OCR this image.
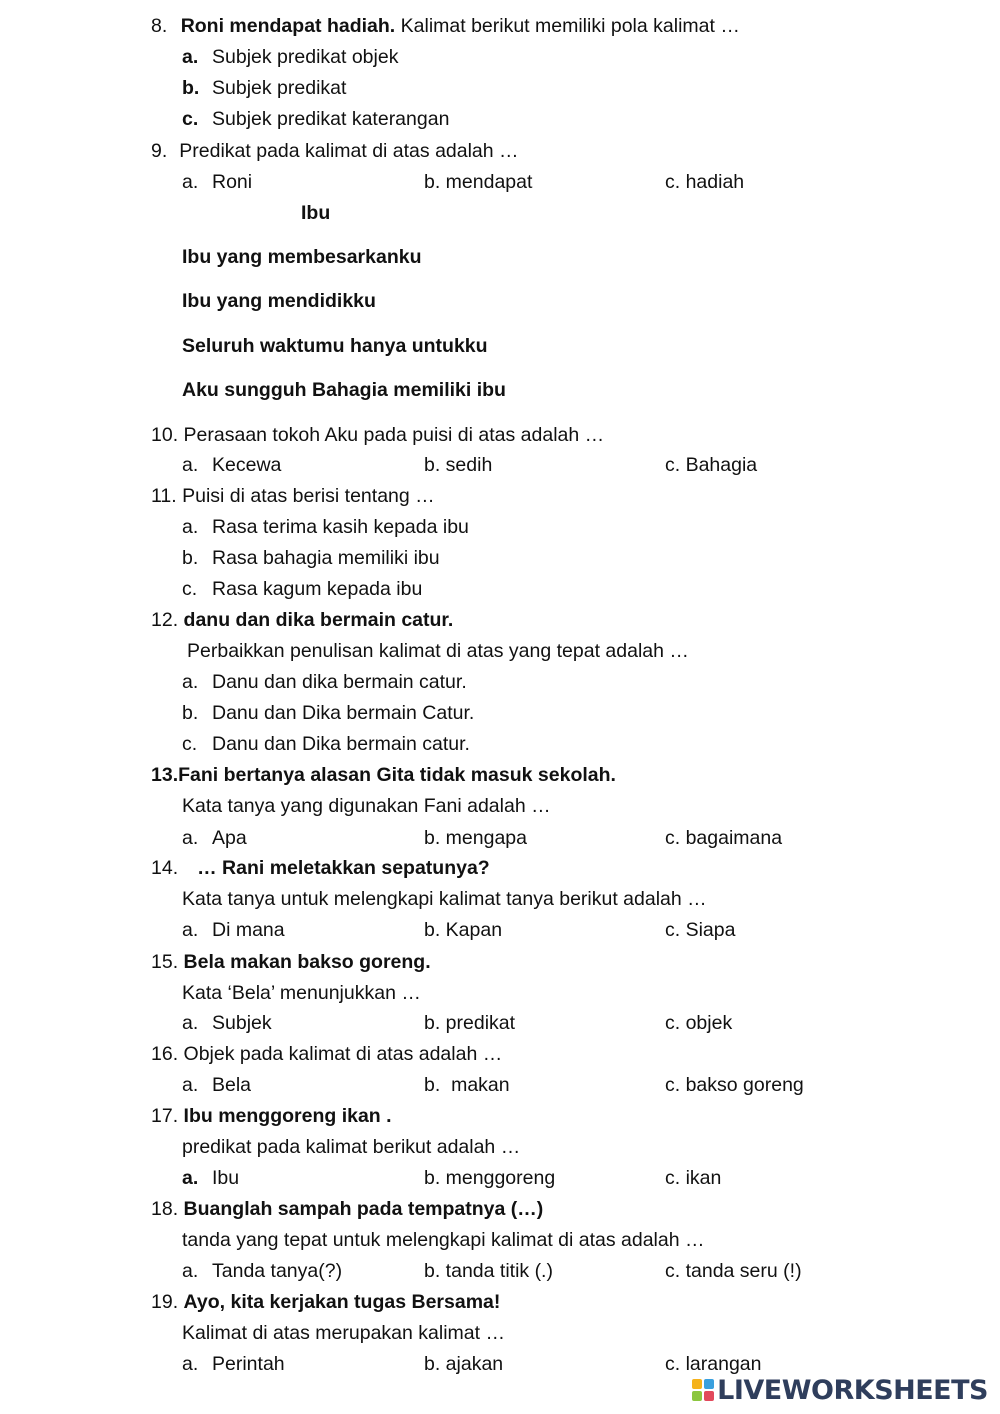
8. Roni mendapat hadiah. Kalimat berikut memiliki pola kalimat …
a. Subjek predikat objek
b. Subjek predikat
c. Subjek predikat katerangan
9. Predikat pada kalimat di atas adalah …
a. Roni	b. mendapat	c. hadiah
Ibu
Ibu yang membesarkanku
Ibu yang mendidikku
Seluruh waktumu hanya untukku
Aku sungguh Bahagia memiliki ibu
10. Perasaan tokoh Aku pada puisi di atas adalah …
a. Kecewa	b. sedih	c. Bahagia
11. Puisi di atas berisi tentang …
a. Rasa terima kasih kepada ibu
b. Rasa bahagia memiliki ibu
c. Rasa kagum kepada ibu
12. danu dan dika bermain catur.
Perbaikkan penulisan kalimat di atas yang tepat adalah …
a. Danu dan dika bermain catur.
b. Danu dan Dika bermain Catur.
c. Danu dan Dika bermain catur.
13.Fani bertanya alasan Gita tidak masuk sekolah.
Kata tanya yang digunakan Fani adalah …
a. Apa	b. mengapa	c. bagaimana
14. … Rani meletakkan sepatunya?
Kata tanya untuk melengkapi kalimat tanya berikut adalah …
a. Di mana	b. Kapan	c. Siapa
15. Bela makan bakso goreng.
Kata ‘Bela’ menunjukkan …
a. Subjek	b. predikat	c. objek
16. Objek pada kalimat di atas adalah …
a. Bela	b.  makan	c. bakso goreng
17. Ibu menggoreng ikan .
predikat pada kalimat berikut adalah …
a. Ibu	b. menggoreng	c. ikan
18. Buanglah sampah pada tempatnya (…)
tanda yang tepat untuk melengkapi kalimat di atas adalah …
a. Tanda tanya(?)	b. tanda titik (.)	c. tanda seru (!)
19. Ayo, kita kerjakan tugas Bersama!
Kalimat di atas merupakan kalimat …
a. Perintah	b. ajakan	c. larangan
LIVEWORKSHEETS
